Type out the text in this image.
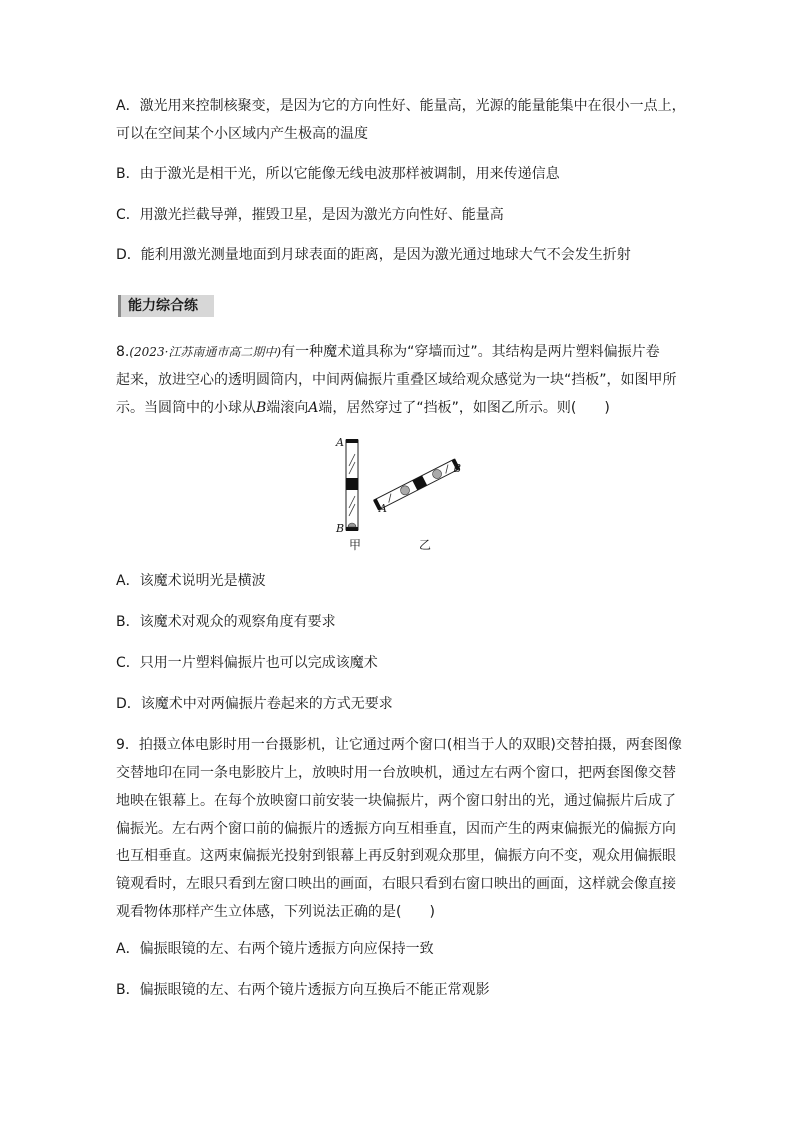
A．激光用来控制核聚变，是因为它的方向性好、能量高，光源的能量能集中在很小一点上，
可以在空间某个小区域内产生极高的温度
B．由于激光是相干光，所以它能像无线电波那样被调制，用来传递信息
C．用激光拦截导弹，摧毁卫星，是因为激光方向性好、能量高
D．能利用激光测量地面到月球表面的距离，是因为激光通过地球大气不会发生折射
能力综合练
8.(2023·江苏南通市高二期中)有一种魔术道具称为“穿墙而过”。其结构是两片塑料偏振片卷
起来，放进空心的透明圆筒内，中间两偏振片重叠区域给观众感觉为一块“挡板”，如图甲所
示。当圆筒中的小球从B端滚向A端，居然穿过了“挡板”，如图乙所示。则(　　)
A
B
A
B
甲	乙
A．该魔术说明光是横波
B．该魔术对观众的观察角度有要求
C．只用一片塑料偏振片也可以完成该魔术
D．该魔术中对两偏振片卷起来的方式无要求
9．拍摄立体电影时用一台摄影机，让它通过两个窗口(相当于人的双眼)交替拍摄，两套图像
交替地印在同一条电影胶片上，放映时用一台放映机，通过左右两个窗口，把两套图像交替
地映在银幕上。在每个放映窗口前安装一块偏振片，两个窗口射出的光，通过偏振片后成了
偏振光。左右两个窗口前的偏振片的透振方向互相垂直，因而产生的两束偏振光的偏振方向
也互相垂直。这两束偏振光投射到银幕上再反射到观众那里，偏振方向不变，观众用偏振眼
镜观看时，左眼只看到左窗口映出的画面，右眼只看到右窗口映出的画面，这样就会像直接
观看物体那样产生立体感，下列说法正确的是(　　)
A．偏振眼镜的左、右两个镜片透振方向应保持一致
B．偏振眼镜的左、右两个镜片透振方向互换后不能正常观影
